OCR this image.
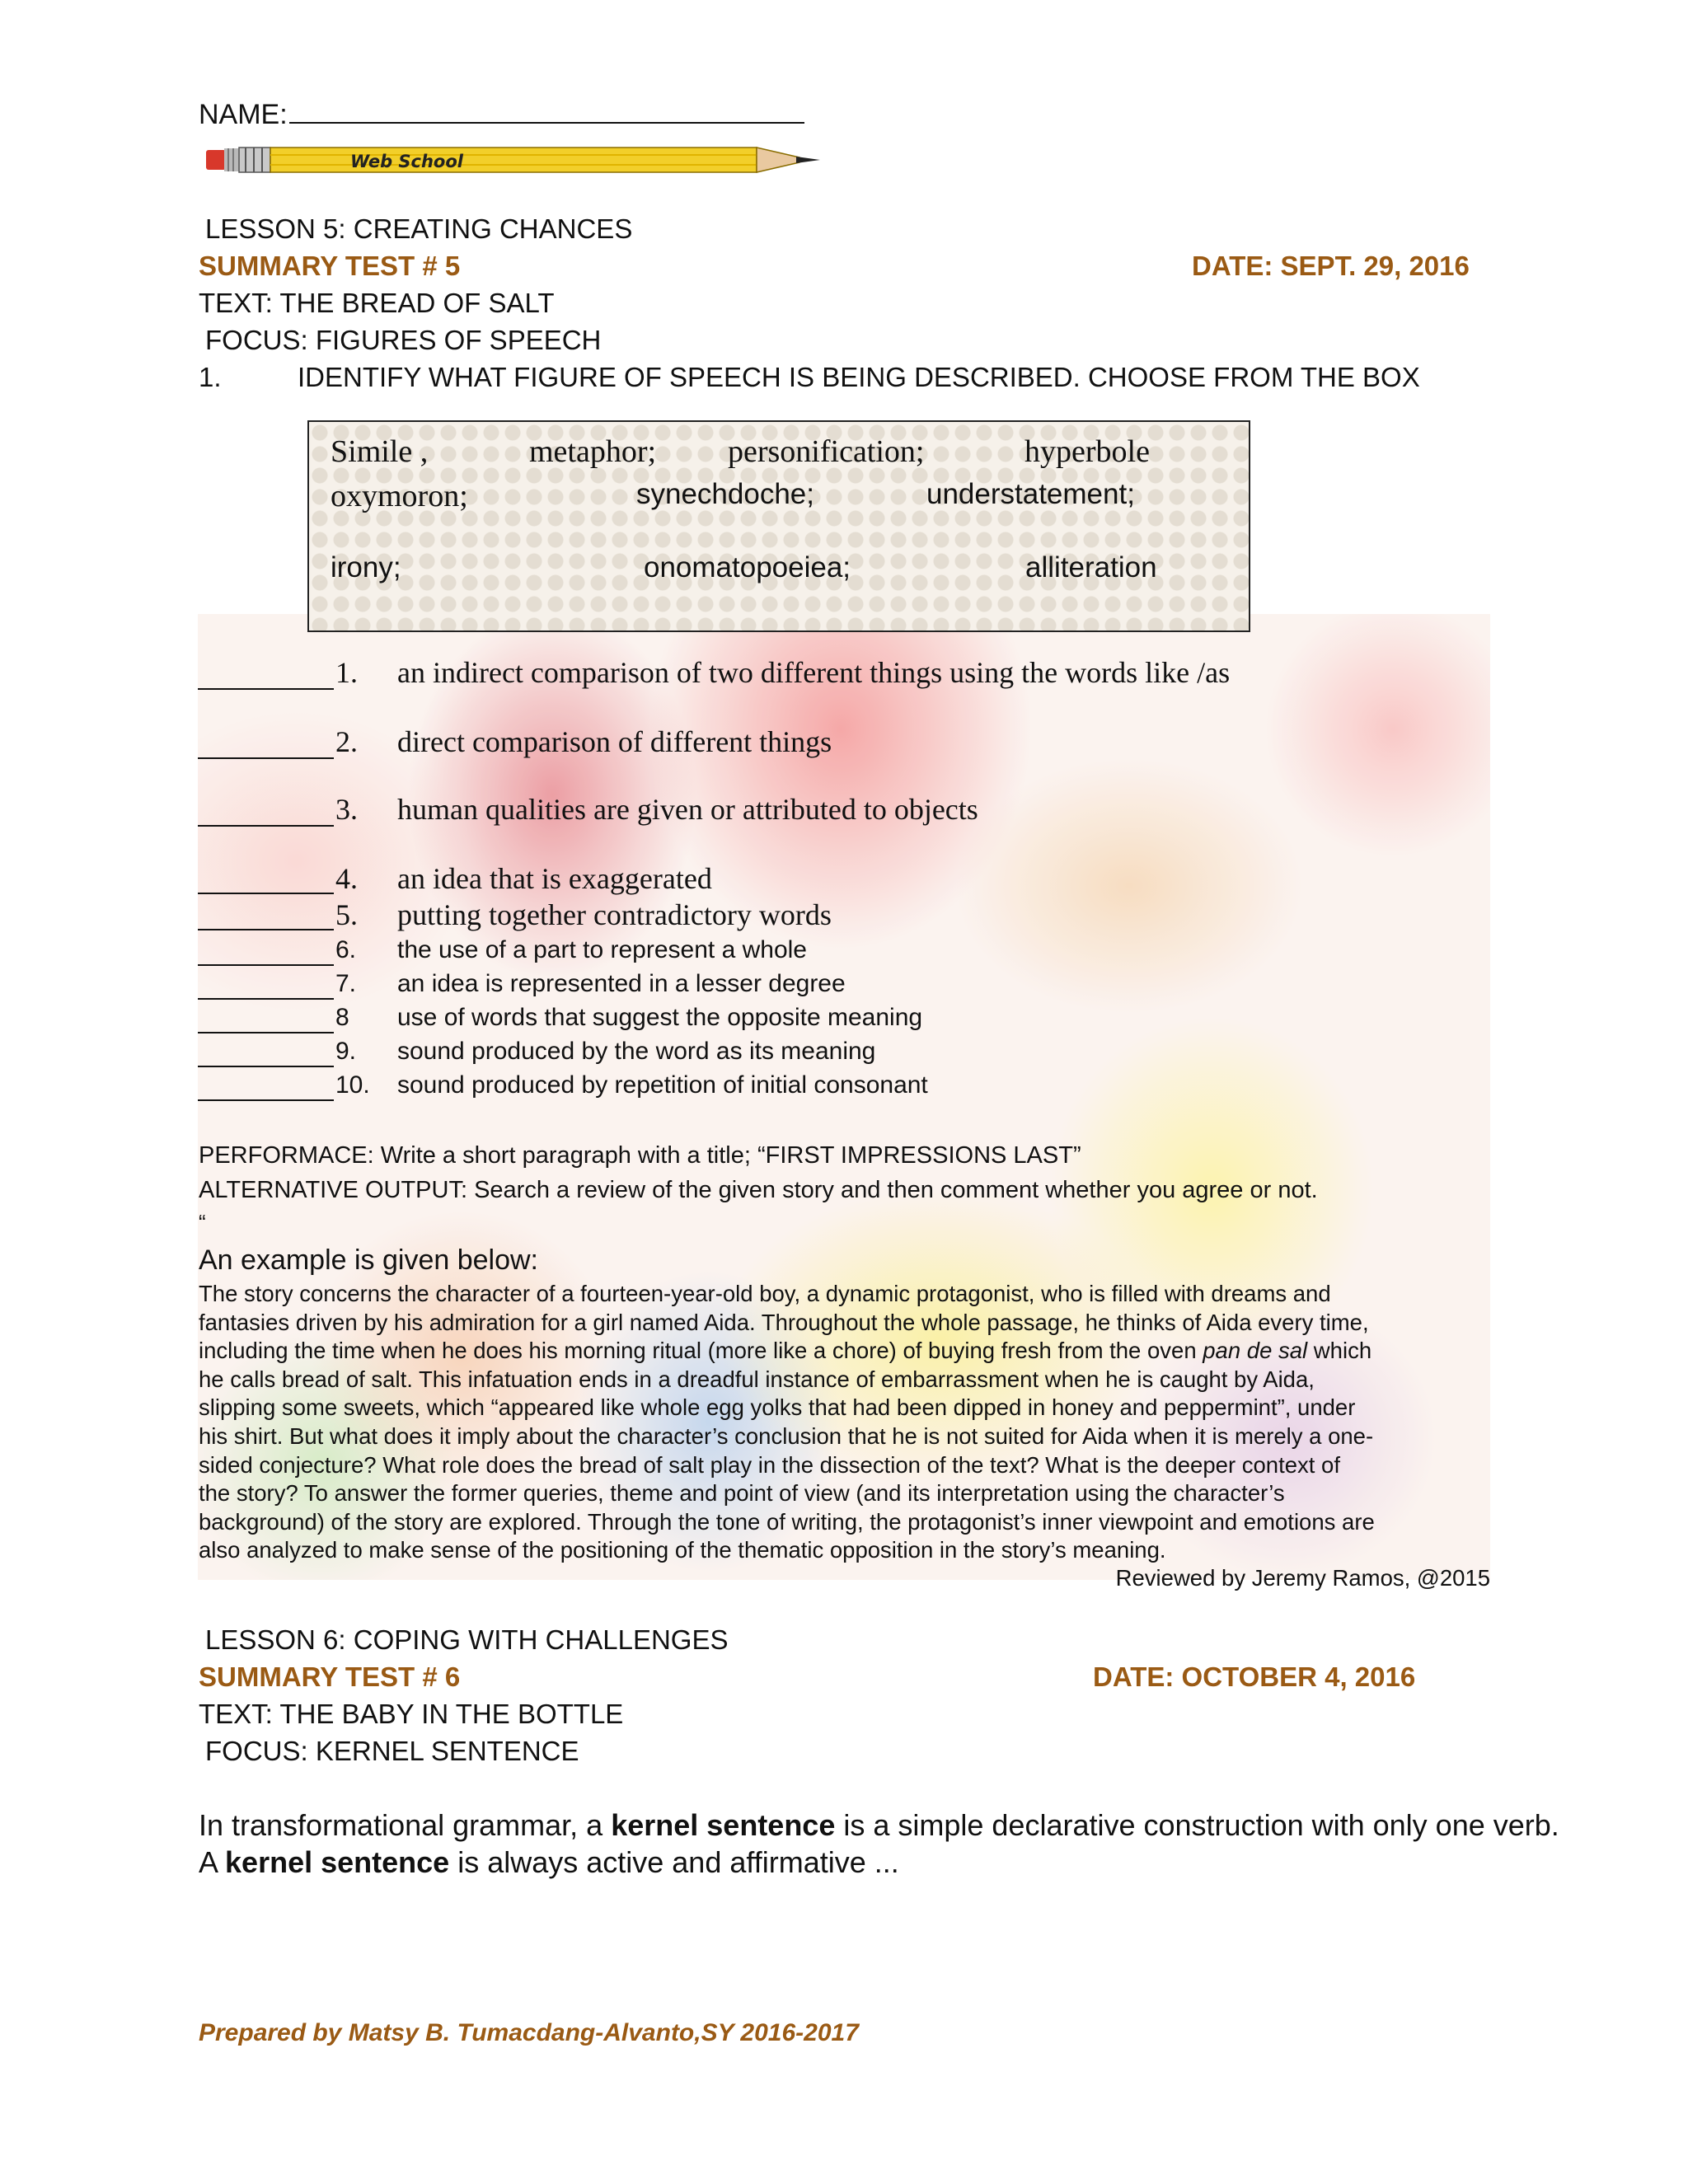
NAME:
Web School
LESSON 5: CREATING CHANCES
SUMMARY TEST # 5	DATE: SEPT. 29, 2016
TEXT: THE BREAD OF SALT
FOCUS: FIGURES OF SPEECH
1.	IDENTIFY WHAT FIGURE OF SPEECH IS BEING DESCRIBED. CHOOSE FROM THE BOX
Simile ,	metaphor; personification;	hyperbole
oxymoron;	synechdoche;	understatement;
irony;	onomatopoeiea;	alliteration
1. an indirect comparison of two different things using the words like /as
2. direct comparison of different things
3. human qualities are given or attributed to objects
4. an idea that is exaggerated
5. putting together contradictory words
6. the use of a part to represent a whole
7. an idea is represented in a lesser degree
8 use of words that suggest the opposite meaning
9. sound produced by the word as its meaning
10. sound produced by repetition of initial consonant
PERFORMACE: Write a short paragraph with a title; “FIRST IMPRESSIONS LAST”
ALTERNATIVE OUTPUT: Search a review of the given story and then comment whether you agree or not.
“
An example is given below:
The story concerns the character of a fourteen-year-old boy, a dynamic protagonist, who is filled with dreams and
fantasies driven by his admiration for a girl named Aida. Throughout the whole passage, he thinks of Aida every time,
including the time when he does his morning ritual (more like a chore) of buying fresh from the oven pan de sal which
he calls bread of salt. This infatuation ends in a dreadful instance of embarrassment when he is caught by Aida,
slipping some sweets, which “appeared like whole egg yolks that had been dipped in honey and peppermint”, under
his shirt. But what does it imply about the character’s conclusion that he is not suited for Aida when it is merely a one-
sided conjecture? What role does the bread of salt play in the dissection of the text? What is the deeper context of
the story? To answer the former queries, theme and point of view (and its interpretation using the character’s
background) of the story are explored. Through the tone of writing, the protagonist’s inner viewpoint and emotions are
also analyzed to make sense of the positioning of the thematic opposition in the story’s meaning.
Reviewed by Jeremy Ramos, @2015
LESSON 6: COPING WITH CHALLENGES
SUMMARY TEST # 6	DATE: OCTOBER 4, 2016
TEXT: THE BABY IN THE BOTTLE
FOCUS: KERNEL SENTENCE
In transformational grammar, a kernel sentence is a simple declarative construction with only one verb.
A kernel sentence is always active and affirmative ...
Prepared by Matsy B. Tumacdang-Alvanto,SY 2016-2017
